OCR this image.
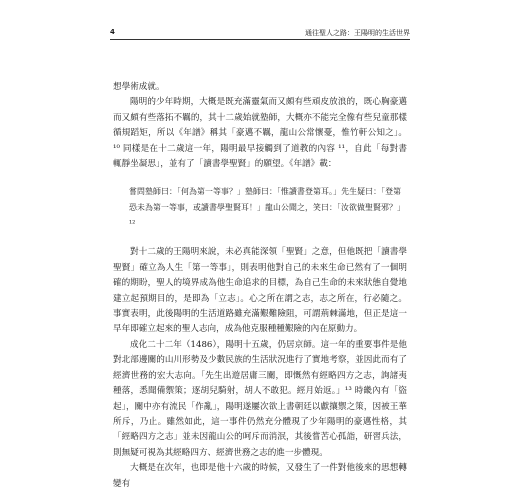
4	通往聖人之路：王陽明的生活世界

想學術成就。

陽明的少年時期，大概是既充滿靈氣而又頗有些頑皮放浪的，既心胸豪邁而又頗有些落拓不羈的，其十二歲始就塾師，大概亦不能完全像有些兒童那樣循規蹈矩，所以《年譜》稱其「豪邁不羈，龍山公常懷憂，惟竹軒公知之」。¹⁰ 同樣是在十二歲這一年，陽明最早接觸到了道教的內容 ¹¹，自此「每對書輒靜坐凝思」，並有了「讀書學聖賢」的願望。《年譜》載：

嘗問塾師曰：「何為第一等事？」塾師曰：「惟讀書登第耳。」先生疑曰：「登第恐未為第一等事，或讀書學聖賢耳！」龍山公聞之，笑曰：「汝欲做聖賢邪？」¹²

對十二歲的王陽明來說，未必真能深領「聖賢」之意，但他既把「讀書學聖賢」確立為人生「第一等事」，則表明他對自己的未來生命已然有了一個明確的期盼，聖人的境界成為他生命追求的目標，為自己生命的未來狀態自覺地建立起預期目的，是即為「立志」。心之所在謂之志，志之所在，行必隨之。事實表明，此後陽明的生活道路雖充滿艱難險阻，可謂荊棘滿地，但正是這一早年即確立起來的聖人志向，成為他克服種種艱險的內在原動力。

成化二十二年（1486），陽明十五歲，仍居京師。這一年的重要事件是他對北部邊關的山川形勢及少數民族的生活狀況進行了實地考察，並因此而有了經濟世務的宏大志向。「先生出遊居庸三關，即慨然有經略四方之志，詢諸夷種落，悉聞備禦策；逐胡兒騎射，胡人不敢犯。經月始返。」¹³ 時畿內有「盜起」，關中亦有流民「作亂」，陽明遂屢次欲上書朝廷以獻攘禦之策，因被王華所斥，乃止。雖然如此，這一事件仍然充分體現了少年陽明的豪邁性格，其「經略四方之志」並未因龍山公的呵斥而消泯，其後嘗苦心孤詣，研習兵法，則無疑可視為其經略四方、經濟世務之志的進一步體現。

大概是在次年，也即是他十六歲的時候，又發生了一件對他後來的思想轉變有
